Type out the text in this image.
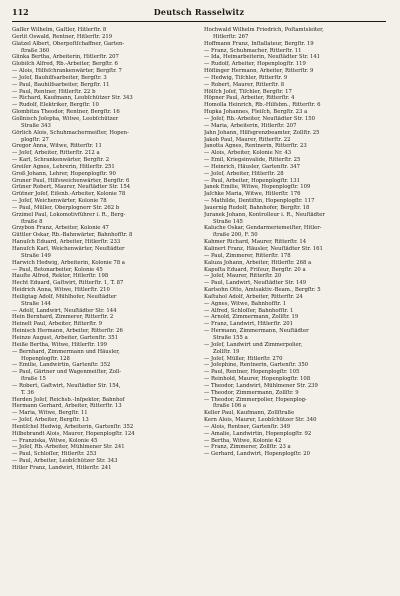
112	Deutsch Rasselwitz
Gaſſer Wilhelm, Gaſtler, Hitlerſtr. 8
Gerlit Oswald, Rentner, Hitlerſtr. 219
Glatzel Albert, Oberpoſtſchaffner, Garten-
ſtraße 360
Glinka Bertha, Arbeiterin, Hitlerſtr. 207
Globiſch Alfred, Rb.-Arbeiter, Bergſtr. 6
— Alois, Hilfsſchrankenwärter, Bergſtr. 7
— Joſef, Bauhilfsarbeiter, Bergſtr. 3
— Paul, Bauhilfsarbeiter, Bergſtr. 11
— Paul, Rentner, Hitlerſtr. 22 b
— Richard, Kaufmann, Leobſchützer Str. 343
— Rudolf, Elektriker, Bergſtr. 10
Glombitza Theodor, Rentner, Bergſtr. 16
Gollnisch Joſepha, Witwe, Leobſchützer
Straße 343
Görlich Alois, Schuhmachermeiſter, Hopen-
plogſtr. 27
Gregor Anna, Witwe, Ritterſtr. 11
— Joſef, Arbeiter, Ritterſtr. 212 a
— Karl, Schrankenwärter, Bergſtr. 2
Greiſer Agnes, Lehrerin, Hitlerſtr. 251
Groß Johann, Lehrer, Hopenplogſtr. 90
Gruner Paul, Hilfsweichenwärter, Bergſtr. 6
Grüner Robert, Maurer, Neuſtädter Str. 154
Grütner Joſef, Eiſenb.-Arbeiter, Kolonie 78
— Joſef, Weichenwärter, Kolonie 78
— Paul, Müller, Oberplognerr Str. 262 b
Grzimel Paul, Lokomotivführer i. R., Berg-
ſtraße 8
Grzybon Franz, Arbeiter, Kolonie 47
Güttler Oskar, Rb.-Bahnwärter, Bahnhofſtr. 8
Hanuſch Eduard, Arbeiter, Hitlerſtr. 233
Hanuſch Karl, Weichenwärter, Neuſtädter
Straße 149
Harwich Hedwig, Arbeiterin, Kolonie 78 a
— Paul, Betonarbeiter, Kolonie 45
Hauſte Alfred, Rektor, Hitlerſtr. 198
Hecht Eduard, Gaſtwirt, Ritterſtr. 1, T. 87
Heidrich Anna, Witwe, Hitlerſtr. 210
Heiligtag Adolf, Mühlhofer, Neuſtädter
Straße 144
— Adolf, Landwirt, Neuſtädter Str. 144
Hein Bernhard, Zimmerer, Ritterſtr. 2
Heinelt Paul, Arbeiter, Ritterſtr. 9
Heinisch Hermann, Arbeiter, Ritterſtr. 26
Heinze August, Arbeiter, Gartenſtr. 351
Heiße Bertha, Witwe, Hitlerſtr. 199
— Bernhard, Zimmermann und Häusler,
Hopenplogſtr. 128
— Emilie, Landwirtin, Gartenſtr. 352
— Paul, Gärtner und Wagenmeiſter, Zoll-
ſtraße 15
— Robert, Gaſtwirt, Neuſtädter Str. 154,
T. 36
Herden Joſef, Reichsb.-Inſpektor, Bahnhof
Hermann Gerhard, Arbeiter, Ritterſtr. 13
— Maria, Witwe, Bergſtr. 11
— Joſef, Arbeiter, Bergſtr. 13
Hentſchel Hedwig, Arbeiterin, Gartenſtr. 352
Hilbebrandt Alois, Maurer, Hopenplogſtr. 124
— Franziska, Witwe, Kolonie 45
— Joſef, Rb.-Arbeiter, Mühlmener Str. 241
— Paul, Schloſſer, Hitlerſtr. 253
— Paul, Arbeiter, Leobſchützer Str. 343
Hitler Franz, Landwirt, Hitlerſtr. 241
Hochwald Wilhelm Friedrich, Poſtamtsleiter,
Hitlerſtr. 267
Hoffmann Franz, Inſtallateur, Bergſtr. 19
— Franz, Schuhmacher, Ritterſtr. 11
— Ida, Heimarbeiterin, Neuſtädter Str. 141
— Rudolf, Arbeiter, Hopenplogſtr. 119
Höflinger Hermann, Arbeiter, Ritterſtr. 9
— Hedwig, Tiſchler, Ritterſtr. 9
— Robert, Maurer, Ritterſtr. 8
Hölſch Joſef, Tiſchler, Bergſtr. 17
Höpner Paul, Arbeiter, Ritterſtr. 4
Homolla Heinrich, Rb.-Hilfsbm., Ritterſtr. 6
Hupka Johannes, Fleiſch, Bergſtr. 23 a
— Joſef, Rb.-Arbeiter, Neuſtädter Str. 150
— Maria, Arbeiterin, Hitlerſtr. 207
Jahn Johann, Hilfsgrenzbeamter, Zollſtr. 25
Jakob Paul, Maurer, Ritterſtr. 22
Janotta Agnes, Rentnerin, Ritterſtr. 23
— Alois, Arbeiter, Kolonie Nr. 43
— Emil, Kriegsinvalide, Ritterſtr. 25
— Heinrich, Häusler, Gartenſtr. 347
— Joſef, Arbeiter, Hitlerſtr. 28
— Paul, Arbeiter, Hopenplogſtr. 131
Janek Emilie, Witwe, Hopenplogſtr. 109
Jaſchke Maria, Witwe, Hitlerſtr. 176
— Mathilde, Dentiſtin, Hopenplogſtr. 117
Jauernig Rudolf, Bahnhofer, Bergſtr. 18
Juranek Johann, Kontrolleur i. R., Neuſtädter
Straße 145
Kaluche Oskar, Gendarmeriemeiſter, Hitler-
ſtraße 200, F. 50
Kahmer Richard, Maurer, Ritterſtr. 14
Kalinert Franz, Häusler, Neuſtädter Str. 161
— Paul, Zimmerer, Ritterſtr. 178
Kaluza Johann, Arbeiter, Hitlerſtr. 268 a
Kapuſta Eduard, Friſeur, Bergſtr. 20 a
— Joſef, Maurer, Ritterſtr. 20
— Paul, Landwirt, Neuſtädter Str. 149
Karlsohn Otto, Amtsaktiv.-Beam., Bergſtr. 5
Kaſtuhol Adolf, Arbeiter, Ritterſtr. 24
— Agnes, Witwe, Bahnhofſtr. 1
— Alfred, Schloſſer, Bahnhofſtr. 1
— Arnold, Zimmermann, Zollſtr. 19
— Franz, Landwirt, Hitlerſtr. 201
— Hermann, Zimmermann, Neuſtädter
Straße 155 a
— Joſef, Landwirt und Zimmerpolier,
Zollſtr. 19
— Joſef, Müller, Hitlerſtr. 270
— Joſephine, Rentnerin, Gartenſtr. 350
— Paul, Rentner, Hopenplogſtr. 105
— Reinhold, Maurer, Hopenplogſtr. 108
— Theodor, Landwirt, Mühlmener Str. 239
— Theodor, Zimmermann, Zollſtr. 9
— Theodor, Zimmerpolier, Hopenplog-
ſtraße 106 a
Keller Paul, Kaufmann, Zollſtraße
Kern Alois, Maurer, Leobſchützer Str. 340
— Alois, Rentner, Gartenſtr. 349
— Amalie, Landwirtin, Hopenplogſtr. 92
— Bertha, Witwe, Kolonie 42
— Franz, Zimmerer, Zollſtr. 23 a
— Gerhard, Landwirt, Hopenplogſtr. 20
